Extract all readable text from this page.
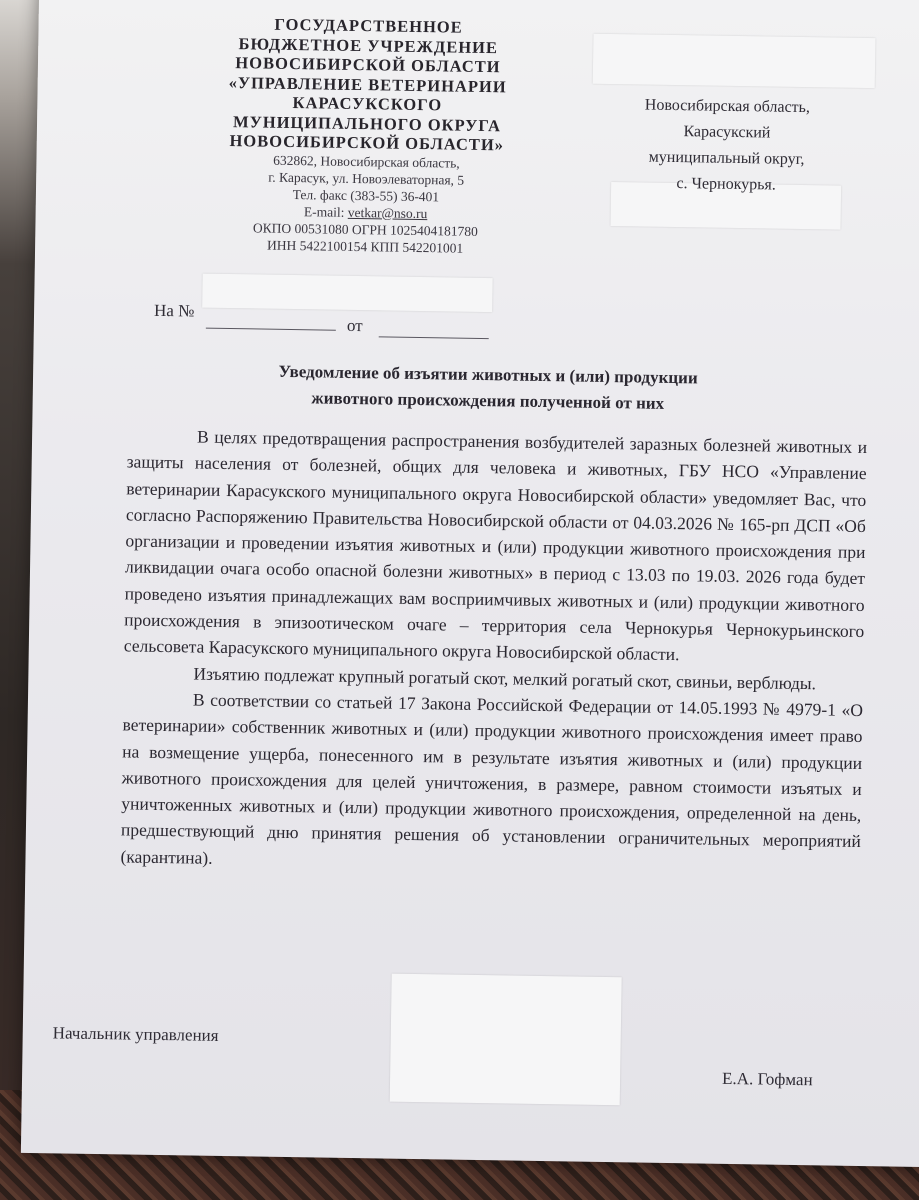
ГОСУДАРСТВЕННОЕ
БЮДЖЕТНОЕ УЧРЕЖДЕНИЕ
НОВОСИБИРСКОЙ ОБЛАСТИ
«УПРАВЛЕНИЕ ВЕТЕРИНАРИИ
КАРАСУКСКОГО
МУНИЦИПАЛЬНОГО ОКРУГА
НОВОСИБИРСКОЙ ОБЛАСТИ»
632862, Новосибирская область,
г. Карасук, ул. Новоэлеваторная, 5
Тел. факс (383-55) 36-401
E-mail: vetkar@nso.ru
ОКПО 00531080 ОГРН 1025404181780
ИНН 5422100154 КПП 542201001
Новосибирская область,
Карасукский
муниципальный округ,
с. Чернокурья.
На №
от
Уведомление об изъятии животных и (или) продукции
животного происхождения полученной от них

В целях предотвращения распространения возбудителей заразных болезней животных и защиты населения от болезней, общих для человека и животных, ГБУ НСО «Управление ветеринарии Карасукского муниципального округа Новосибирской области» уведомляет Вас, что согласно Распоряжению Правительства Новосибирской области от 04.03.2026 № 165-рп ДСП «Об организации и проведении изъятия животных и (или) продукции животного происхождения при ликвидации очага особо опасной болезни животных» в период с 13.03 по 19.03. 2026 года будет проведено изъятия принадлежащих вам восприимчивых животных и (или) продукции животного происхождения в эпизоотическом очаге – территория села Чернокурья Чернокурьинского сельсовета Карасукского муниципального округа Новосибирской области.

Изъятию подлежат крупный рогатый скот, мелкий рогатый скот, свиньи, верблюды.

В соответствии со статьей 17 Закона Российской Федерации от 14.05.1993 № 4979-1 «О ветеринарии» собственник животных и (или) продукции животного происхождения имеет право на возмещение ущерба, понесенного им в результате изъятия животных и (или) продукции животного происхождения для целей уничтожения, в размере, равном стоимости изъятых и уничтоженных животных и (или) продукции животного происхождения, определенной на день, предшествующий дню принятия решения об установлении ограничительных мероприятий (карантина).

Начальник управления
Е.А. Гофман
